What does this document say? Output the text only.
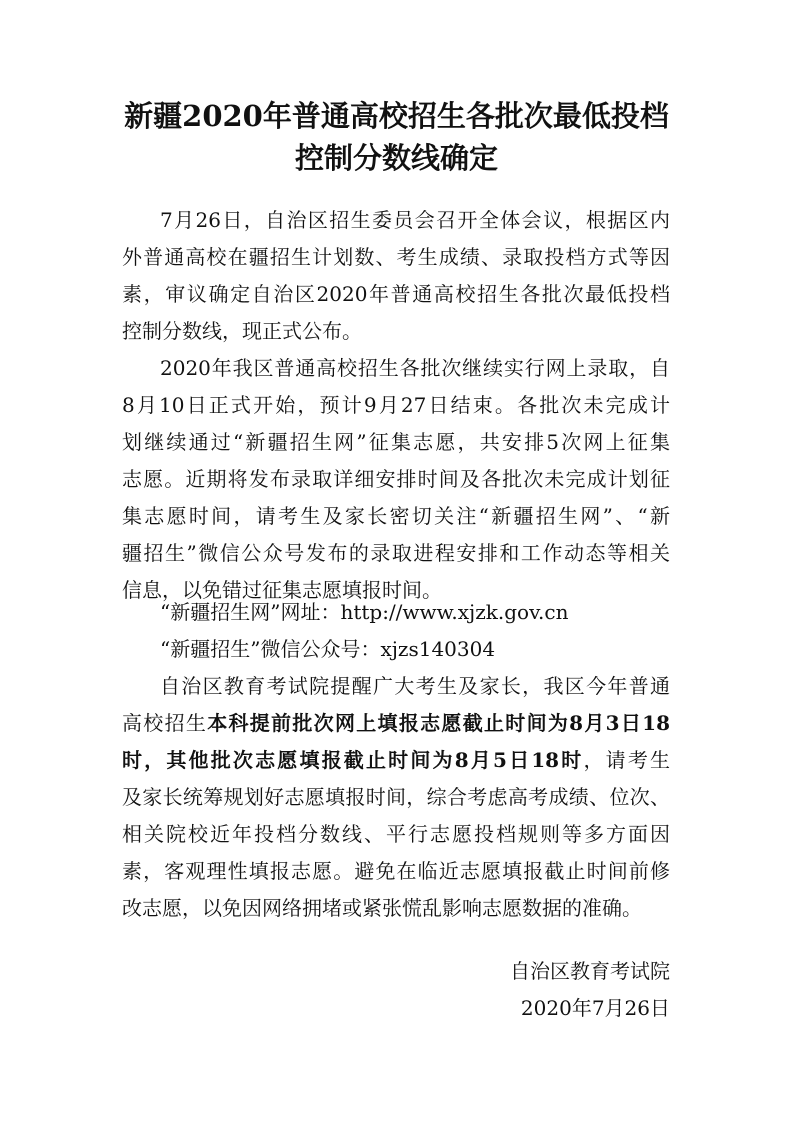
新疆2020年普通高校招生各批次最低投档
控制分数线确定

7月26日，自治区招生委员会召开全体会议，根据区内

外普通高校在疆招生计划数、考生成绩、录取投档方式等因

素，审议确定自治区2020年普通高校招生各批次最低投档

控制分数线，现正式公布。

2020年我区普通高校招生各批次继续实行网上录取，自

8月10日正式开始，预计9月27日结束。各批次未完成计

划继续通过“新疆招生网”征集志愿，共安排5次网上征集

志愿。近期将发布录取详细安排时间及各批次未完成计划征

集志愿时间，请考生及家长密切关注“新疆招生网”、“新

疆招生”微信公众号发布的录取进程安排和工作动态等相关

信息，以免错过征集志愿填报时间。

“新疆招生网”网址：http://www.xjzk.gov.cn

“新疆招生”微信公众号：xjzs140304

自治区教育考试院提醒广大考生及家长，我区今年普通

高校招生本科提前批次网上填报志愿截止时间为8月3日18

时，其他批次志愿填报截止时间为8月5日18时，请考生

及家长统筹规划好志愿填报时间，综合考虑高考成绩、位次、

相关院校近年投档分数线、平行志愿投档规则等多方面因

素，客观理性填报志愿。避免在临近志愿填报截止时间前修

改志愿，以免因网络拥堵或紧张慌乱影响志愿数据的准确。

自治区教育考试院

2020年7月26日
